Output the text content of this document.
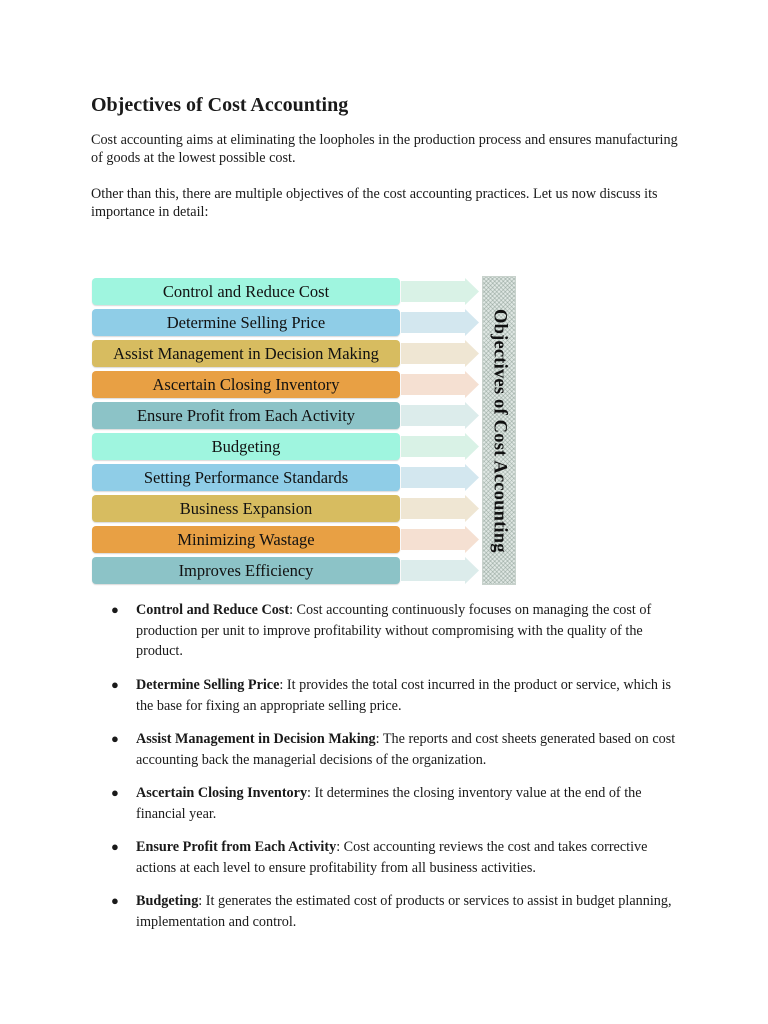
Objectives of Cost Accounting

Cost accounting aims at eliminating the loopholes in the production process and ensures manufacturing of goods at the lowest possible cost.

Other than this, there are multiple objectives of the cost accounting practices. Let us now discuss its importance in detail:

Objectives of Cost Accounting
Control and Reduce Cost
Determine Selling Price
Assist Management in Decision Making
Ascertain Closing Inventory
Ensure Profit from Each Activity
Budgeting
Setting Performance Standards
Business Expansion
Minimizing Wastage
Improves Efficiency
● Control and Reduce Cost: Cost accounting continuously focuses on managing the cost of production per unit to improve profitability without compromising with the quality of the product.
● Determine Selling Price: It provides the total cost incurred in the product or service, which is the base for fixing an appropriate selling price.
● Assist Management in Decision Making: The reports and cost sheets generated based on cost accounting back the managerial decisions of the organization.
● Ascertain Closing Inventory: It determines the closing inventory value at the end of the financial year.
● Ensure Profit from Each Activity: Cost accounting reviews the cost and takes corrective actions at each level to ensure profitability from all business activities.
● Budgeting: It generates the estimated cost of products or services to assist in budget planning, implementation and control.
